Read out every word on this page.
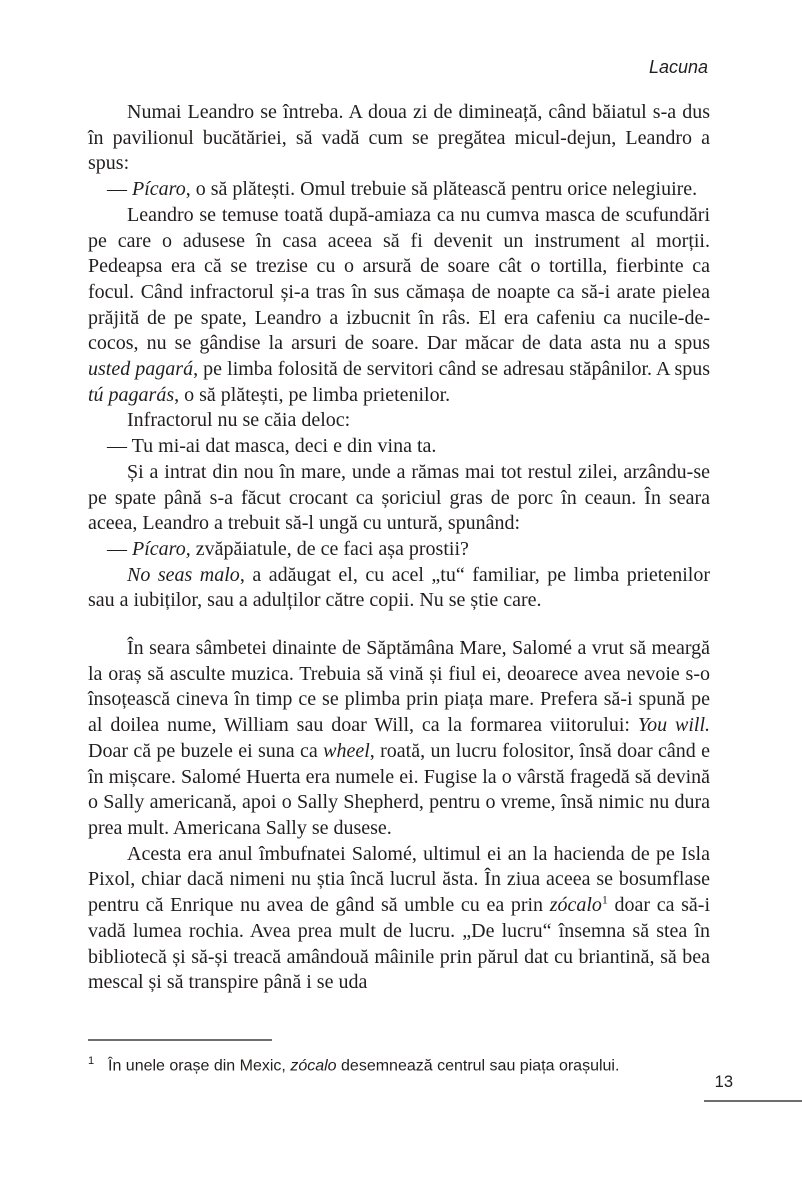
Lacuna

Numai Leandro se întreba. A doua zi de dimineață, când băiatul s-a dus în pavilionul bucătăriei, să vadă cum se pregătea micul-dejun, Leandro a spus:

— Pícaro, o să plătești. Omul trebuie să plătească pentru orice nelegiuire.

Leandro se temuse toată după-amiaza ca nu cumva masca de scufundări pe care o adusese în casa aceea să fi devenit un instrument al morții. Pedeapsa era că se trezise cu o arsură de soare cât o tortilla, fierbinte ca focul. Când infractorul și-a tras în sus cămașa de noapte ca să-i arate pielea prăjită de pe spate, Leandro a izbucnit în râs. El era cafeniu ca nucile-de-cocos, nu se gândise la arsuri de soare. Dar măcar de data asta nu a spus usted pagará, pe limba folosită de servitori când se adresau stăpânilor. A spus tú pagarás, o să plătești, pe limba prietenilor.

Infractorul nu se căia deloc:

— Tu mi-ai dat masca, deci e din vina ta.

Și a intrat din nou în mare, unde a rămas mai tot restul zilei, arzându-se pe spate până s-a făcut crocant ca șoriciul gras de porc în ceaun. În seara aceea, Leandro a trebuit să-l ungă cu untură, spunând:

— Pícaro, zvăpăiatule, de ce faci așa prostii?

No seas malo, a adăugat el, cu acel „tu“ familiar, pe limba prietenilor sau a iubiților, sau a adulților către copii. Nu se știe care.

În seara sâmbetei dinainte de Săptămâna Mare, Salomé a vrut să meargă la oraș să asculte muzica. Trebuia să vină și fiul ei, deoarece avea nevoie s-o însoțească cineva în timp ce se plimba prin piața mare. Prefera să-i spună pe al doilea nume, William sau doar Will, ca la formarea viitorului: You will. Doar că pe buzele ei suna ca wheel, roată, un lucru folositor, însă doar când e în mișcare. Salomé Huerta era numele ei. Fugise la o vârstă fragedă să devină o Sally americană, apoi o Sally Shepherd, pentru o vreme, însă nimic nu dura prea mult. Americana Sally se dusese.

Acesta era anul îmbufnatei Salomé, ultimul ei an la hacienda de pe Isla Pixol, chiar dacă nimeni nu știa încă lucrul ăsta. În ziua aceea se bosumflase pentru că Enrique nu avea de gând să umble cu ea prin zócalo$^1$ doar ca să-i vadă lumea rochia. Avea prea mult de lucru. „De lucru“ însemna să stea în bibliotecă și să-și treacă amândouă mâinile prin părul dat cu briantină, să bea mescal și să transpire până i se uda

1 În unele orașe din Mexic, zócalo desemnează centrul sau piața orașului.
13
